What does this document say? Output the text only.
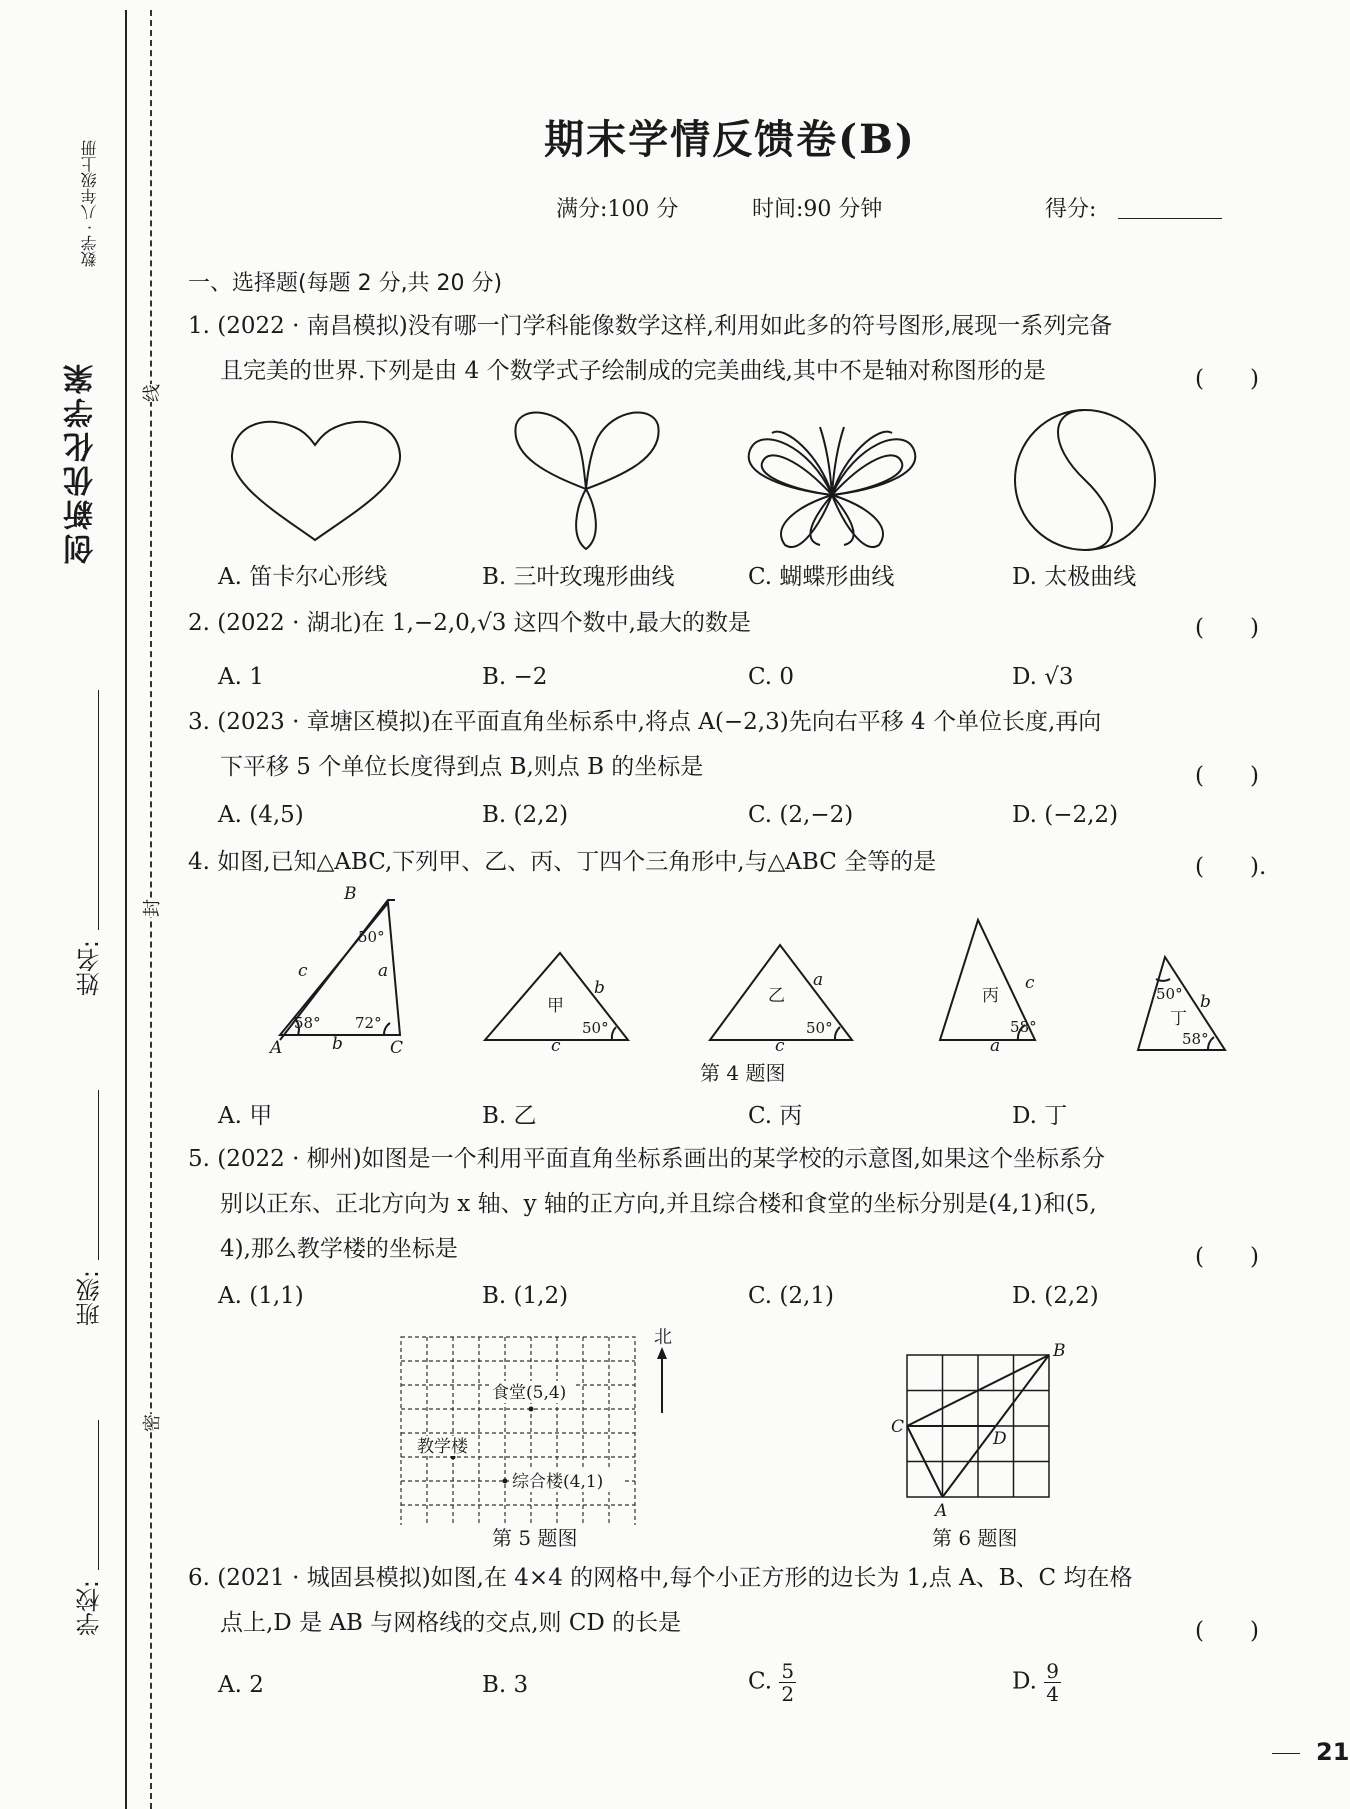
创新优化学案
数学 · 八年级上册
学校:
班级:
姓名:
线
封
密
期末学情反馈卷(B)
满分:100 分	时间:90 分钟	得分:
一、选择题(每题 2 分,共 20 分)
1. (2022 · 南昌模拟)没有哪一门学科能像数学这样,利用如此多的符号图形,展现一系列完备
且完美的世界.下列是由 4 个数学式子绘制成的完美曲线,其中不是轴对称图形的是	(　　)
A. 笛卡尔心形线	B. 三叶玫瑰形曲线	C. 蝴蝶形曲线	D. 太极曲线
2. (2022 · 湖北)在 1,−2,0,√3 这四个数中,最大的数是	(　　)
A. 1	B. −2	C. 0	D. √3
3. (2023 · 章塘区模拟)在平面直角坐标系中,将点 A(−2,3)先向右平移 4 个单位长度,再向
下平移 5 个单位长度得到点 B,则点 B 的坐标是	(　　)
A. (4,5)	B. (2,2)	C. (2,−2)	D. (−2,2)
4. 如图,已知△ABC,下列甲、乙、丙、丁四个三角形中,与△ABC 全等的是	(　　).
B
A	C
50°
58° 72°
a
b
c
甲
b
c
50°
乙
a
c
50°
丙
c
a
58°	丁
b
50°
58°
第 4 题图
A. 甲	B. 乙	C. 丙	D. 丁
5. (2022 · 柳州)如图是一个利用平面直角坐标系画出的某学校的示意图,如果这个坐标系分
别以正东、正北方向为 x 轴、y 轴的正方向,并且综合楼和食堂的坐标分别是(4,1)和(5,
4),那么教学楼的坐标是	(　　)
A. (1,1)	B. (1,2)	C. (2,1)	D. (2,2)
食堂(5,4)
教学楼
综合楼(4,1)
北
第 5 题图
B
C
D
A
第 6 题图
6. (2021 · 城固县模拟)如图,在 4×4 的网格中,每个小正方形的边长为 1,点 A、B、C 均在格
点上,D 是 AB 与网格线的交点,则 CD 的长是	(　　)
A. 2	B. 3	C. $\frac{5}{2}$	D. $\frac{9}{4}$
21
